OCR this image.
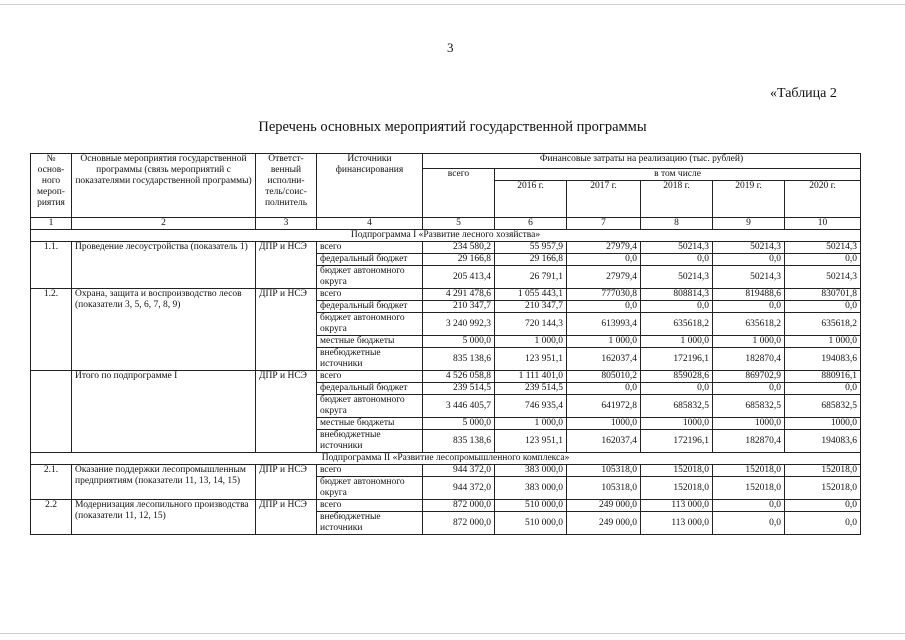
3
«Таблица 2
Перечень основных мероприятий государственной программы
№ основ- ного мероп- риятия	Основные мероприятия государственной программы (связь мероприятий с показателями государственной программы)	Ответст- венный исполни- тель/соис- полнитель	Источники финансирования	Финансовые затраты на реализацию (тыс. рублей)					
				всего	в том числе				
					2016 г.	2017 г.	2018 г.	2019 г.	2020 г.
1	2	3	4	5	6	7	8	9	10
Подпрограмма I «Развитие лесного хозяйства»									
1.1.	Проведение лесоустройства (показатель 1)	ДПР и НСЭ	всего	234 580,2	55 957,9	27979,4	50214,3	50214,3	50214,3
			федеральный бюджет	29 166,8	29 166,8	0,0	0,0	0,0	0,0
			бюджет автономного округа	205 413,4	26 791,1	27979,4	50214,3	50214,3	50214,3
1.2.	Охрана, защита и воспроизводство лесов (показатели 3, 5, 6, 7, 8, 9)	ДПР и НСЭ	всего	4 291 478,6	1 055 443,1	777030,8	808814,3	819488,6	830701,8
			федеральный бюджет	210 347,7	210 347,7	0,0	0,0	0,0	0,0
			бюджет автономного округа	3 240 992,3	720 144,3	613993,4	635618,2	635618,2	635618,2
			местные бюджеты	5 000,0	1 000,0	1 000,0	1 000,0	1 000,0	1 000,0
			внебюджетные источники	835 138,6	123 951,1	162037,4	172196,1	182870,4	194083,6
	Итого по подпрограмме I	ДПР и НСЭ	всего	4 526 058,8	1 111 401,0	805010,2	859028,6	869702,9	880916,1
			федеральный бюджет	239 514,5	239 514,5	0,0	0,0	0,0	0,0
			бюджет автономного округа	3 446 405,7	746 935,4	641972,8	685832,5	685832,5	685832,5
			местные бюджеты	5 000,0	1 000,0	1000,0	1000,0	1000,0	1000,0
			внебюджетные источники	835 138,6	123 951,1	162037,4	172196,1	182870,4	194083,6
Подпрограмма II «Развитие лесопромышленного комплекса»									
2.1.	Оказание поддержки лесопромышленным предприятиям (показатели 11, 13, 14, 15)	ДПР и НСЭ	всего	944 372,0	383 000,0	105318,0	152018,0	152018,0	152018,0
			бюджет автономного округа	944 372,0	383 000,0	105318,0	152018,0	152018,0	152018,0
2.2	Модернизация лесопильного производства (показатели 11, 12, 15)	ДПР и НСЭ	всего	872 000,0	510 000,0	249 000,0	113 000,0	0,0	0,0
			внебюджетные источники	872 000,0	510 000,0	249 000,0	113 000,0	0,0	0,0
